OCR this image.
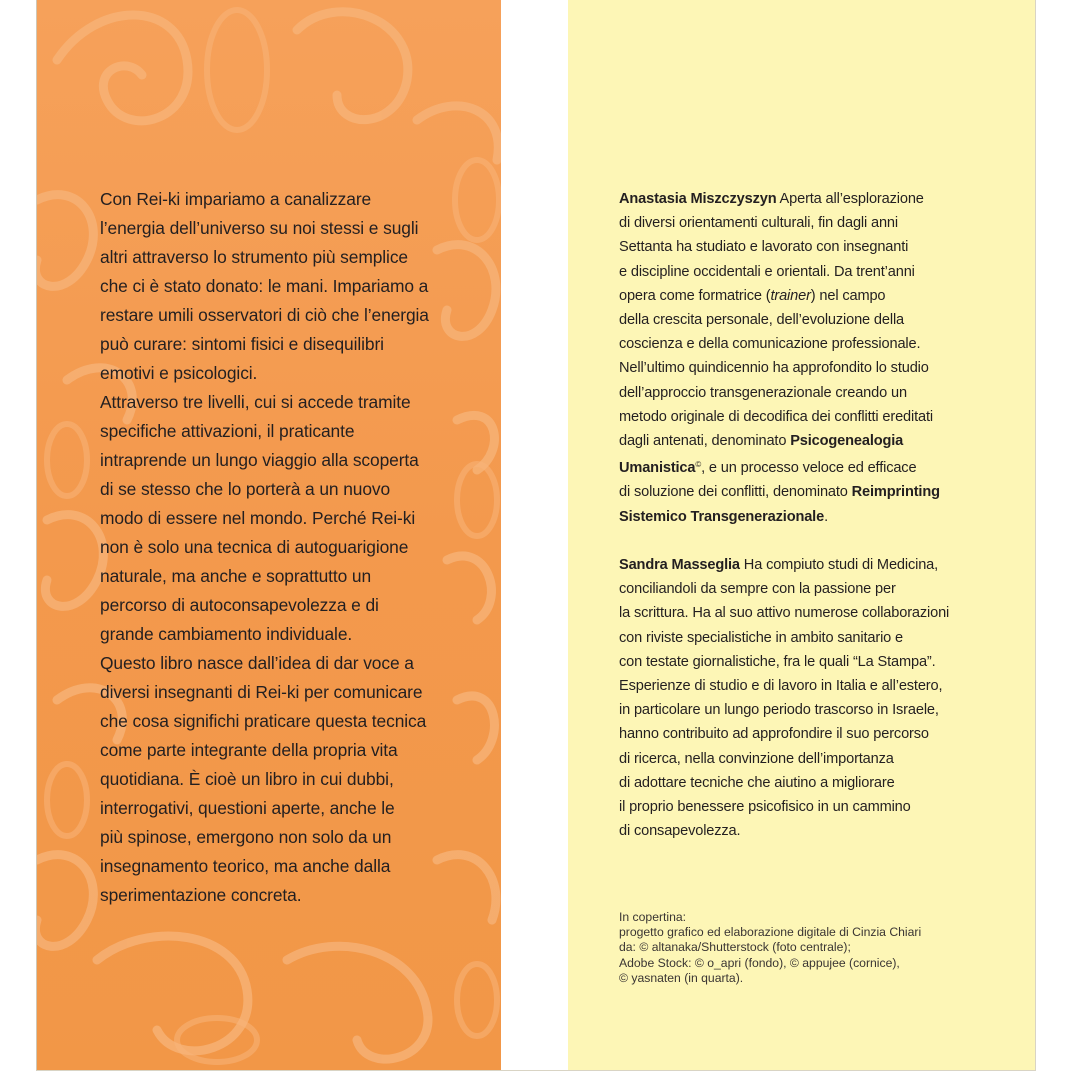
Con Rei-ki impariamo a canalizzare
l’energia dell’universo su noi stessi e sugli
altri attraverso lo strumento più semplice
che ci è stato donato: le mani. Impariamo a
restare umili osservatori di ciò che l’energia
può curare: sintomi fisici e disequilibri
emotivi e psicologici.
Attraverso tre livelli, cui si accede tramite
specifiche attivazioni, il praticante
intraprende un lungo viaggio alla scoperta
di se stesso che lo porterà a un nuovo
modo di essere nel mondo. Perché Rei-ki
non è solo una tecnica di autoguarigione
naturale, ma anche e soprattutto un
percorso di autoconsapevolezza e di
grande cambiamento individuale.
Questo libro nasce dall’idea di dar voce a
diversi insegnanti di Rei-ki per comunicare
che cosa significhi praticare questa tecnica
come parte integrante della propria vita
quotidiana. È cioè un libro in cui dubbi,
interrogativi, questioni aperte, anche le
più spinose, emergono non solo da un
insegnamento teorico, ma anche dalla
sperimentazione concreta.
Anastasia Miszczyszyn Aperta all’esplorazione
di diversi orientamenti culturali, fin dagli anni
Settanta ha studiato e lavorato con insegnanti
e discipline occidentali e orientali. Da trent’anni
opera come formatrice (trainer) nel campo
della crescita personale, dell’evoluzione della
coscienza e della comunicazione professionale.
Nell’ultimo quindicennio ha approfondito lo studio
dell’approccio transgenerazionale creando un
metodo originale di decodifica dei conflitti ereditati
dagli antenati, denominato Psicogenealogia
Umanistica©, e un processo veloce ed efficace
di soluzione dei conflitti, denominato Reimprinting
Sistemico Transgenerazionale.
Sandra Masseglia Ha compiuto studi di Medicina,
conciliandoli da sempre con la passione per
la scrittura. Ha al suo attivo numerose collaborazioni
con riviste specialistiche in ambito sanitario e
con testate giornalistiche, fra le quali “La Stampa”.
Esperienze di studio e di lavoro in Italia e all’estero,
in particolare un lungo periodo trascorso in Israele,
hanno contribuito ad approfondire il suo percorso
di ricerca, nella convinzione dell’importanza
di adottare tecniche che aiutino a migliorare
il proprio benessere psicofisico in un cammino
di consapevolezza.
In copertina:
progetto grafico ed elaborazione digitale di Cinzia Chiari
da: © altanaka/Shutterstock (foto centrale);
Adobe Stock: © o_apri (fondo), © appujee (cornice),
© yasnaten (in quarta).
